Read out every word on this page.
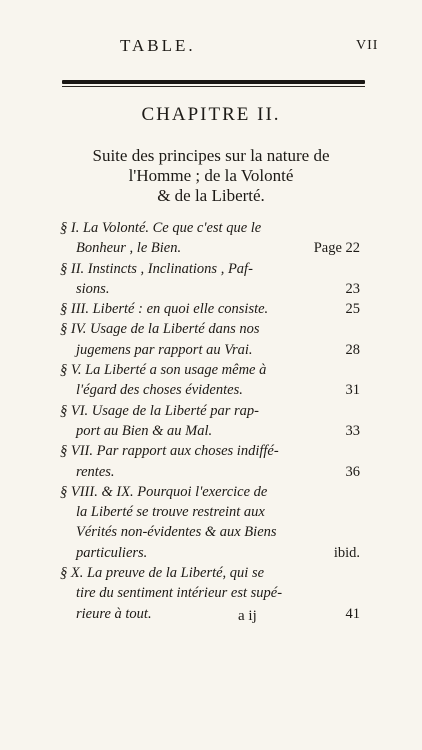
TABLE.	VII
CHAPITRE II.
Suite des principes sur la nature de
l'Homme ; de la Volonté
& de la Liberté.
§ I. La Volonté. Ce que c'est que le
Bonheur , le Bien.	Page 22
§ II. Instincts , Inclinations , Paf-
sions.	23
§ III. Liberté : en quoi elle consiste.	25
§ IV. Usage de la Liberté dans nos
jugemens par rapport au Vrai.	28
§ V. La Liberté a son usage même à
l'égard des choses évidentes.	31
§ VI. Usage de la Liberté par rap-
port au Bien & au Mal.	33
§ VII. Par rapport aux choses indiffé-
rentes.	36
§ VIII. & IX. Pourquoi l'exercice de
la Liberté se trouve restreint aux
Vérités non-évidentes & aux Biens
particuliers.	ibid.
§ X. La preuve de la Liberté, qui se
tire du sentiment intérieur est supé-
rieure à tout.	41
a ij
